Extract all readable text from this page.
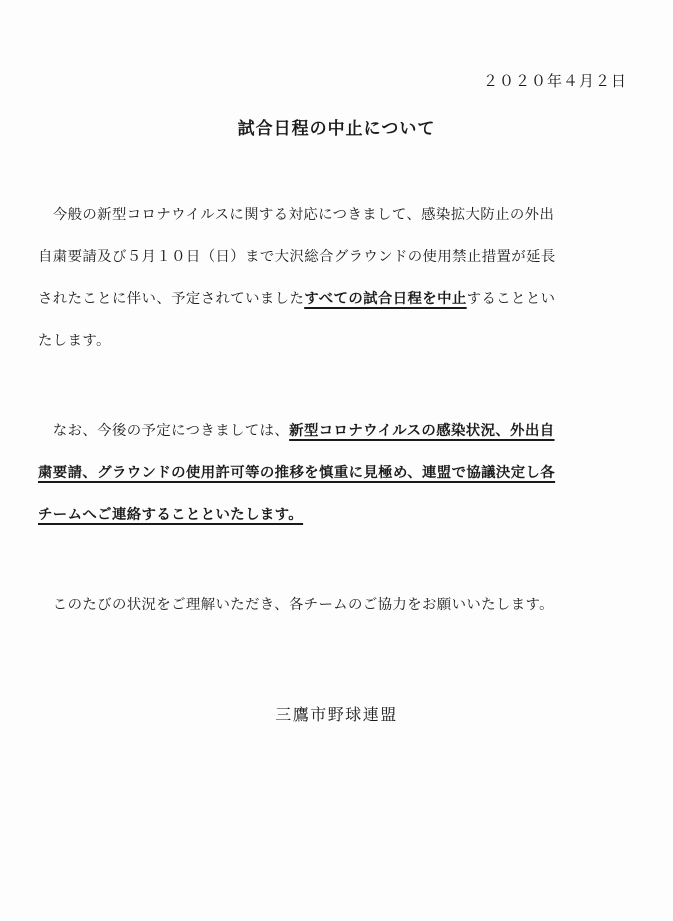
２０２０年４月２日
試合日程の中止について
　今般の新型コロナウイルスに関する対応につきまして、感染拡大防止の外出
自粛要請及び５月１０日（日）まで大沢総合グラウンドの使用禁止措置が延長
されたことに伴い、予定されていましたすべての試合日程を中止することとい
たします。
　なお、今後の予定につきましては、新型コロナウイルスの感染状況、外出自
粛要請、グラウンドの使用許可等の推移を慎重に見極め、連盟で協議決定し各
チームへご連絡することといたします。
　このたびの状況をご理解いただき、各チームのご協力をお願いいたします。
三鷹市野球連盟
